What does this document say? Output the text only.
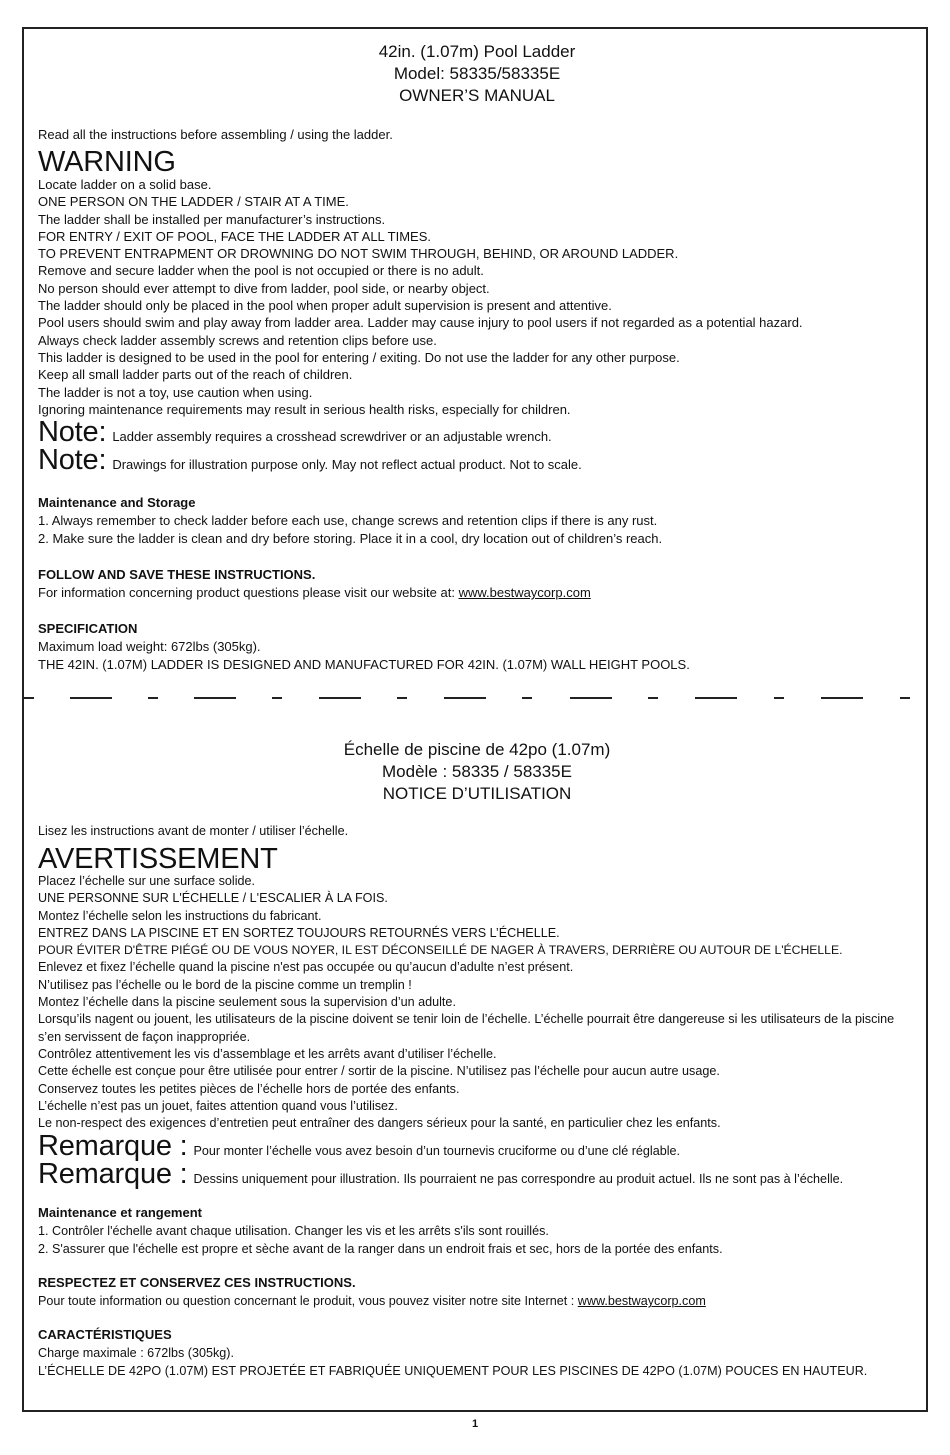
42in. (1.07m) Pool Ladder

Model: 58335/58335E

OWNER’S MANUAL

Read all the instructions before assembling / using the ladder.

WARNING
Locate ladder on a solid base.
ONE PERSON ON THE LADDER / STAIR AT A TIME.
The ladder shall be installed per manufacturer’s instructions.
FOR ENTRY / EXIT OF POOL, FACE THE LADDER AT ALL TIMES.
TO PREVENT ENTRAPMENT OR DROWNING DO NOT SWIM THROUGH, BEHIND, OR AROUND LADDER.
Remove and secure ladder when the pool is not occupied or there is no adult.
No person should ever attempt to dive from ladder, pool side, or nearby object.
The ladder should only be placed in the pool when proper adult supervision is present and attentive.
Pool users should swim and play away from ladder area. Ladder may cause injury to pool users if not regarded as a potential hazard.
Always check ladder assembly screws and retention clips before use.
This ladder is designed to be used in the pool for entering / exiting. Do not use the ladder for any other purpose.
Keep all small ladder parts out of the reach of children.
The ladder is not a toy, use caution when using.
Ignoring maintenance requirements may result in serious health risks, especially for children.
Note: Ladder assembly requires a crosshead screwdriver or an adjustable wrench.
Note: Drawings for illustration purpose only. May not reflect actual product. Not to scale.

Maintenance and Storage

1. Always remember to check ladder before each use, change screws and retention clips if there is any rust.

2. Make sure the ladder is clean and dry before storing. Place it in a cool, dry location out of children’s reach.

FOLLOW AND SAVE THESE INSTRUCTIONS.

For information concerning product questions please visit our website at: www.bestwaycorp.com

SPECIFICATION

Maximum load weight: 672lbs (305kg).

THE 42IN. (1.07M) LADDER IS DESIGNED AND MANUFACTURED FOR 42IN. (1.07M) WALL HEIGHT POOLS.

Échelle de piscine de 42po (1.07m)

Modèle : 58335 / 58335E

NOTICE D’UTILISATION

Lisez les instructions avant de monter / utiliser l’échelle.

AVERTISSEMENT
Placez l’échelle sur une surface solide.
UNE PERSONNE SUR L'ÉCHELLE / L'ESCALIER À LA FOIS.
Montez l’échelle selon les instructions du fabricant.
ENTREZ DANS LA PISCINE ET EN SORTEZ TOUJOURS RETOURNÉS VERS L’ÉCHELLE.
POUR ÉVITER D'ÊTRE PIÉGÉ OU DE VOUS NOYER, IL EST DÉCONSEILLÉ DE NAGER À TRAVERS, DERRIÈRE OU AUTOUR DE L'ÉCHELLE.
Enlevez et fixez l’échelle quand la piscine n'est pas occupée ou qu’aucun d’adulte n’est présent.
N’utilisez pas l’échelle ou le bord de la piscine comme un tremplin !
Montez l’échelle dans la piscine seulement sous la supervision d’un adulte.
Lorsqu’ils nagent ou jouent, les utilisateurs de la piscine doivent se tenir loin de l’échelle. L’échelle pourrait être dangereuse si les utilisateurs de la piscine s’en servissent de façon inappropriée.
Contrôlez attentivement les vis d’assemblage et les arrêts avant d’utiliser l’échelle.
Cette échelle est conçue pour être utilisée pour entrer / sortir de la piscine. N’utilisez pas l’échelle pour aucun autre usage.
Conservez toutes les petites pièces de l’échelle hors de portée des enfants.
L’échelle n’est pas un jouet, faites attention quand vous l’utilisez.
Le non-respect des exigences d’entretien peut entraîner des dangers sérieux pour la santé, en particulier chez les enfants.
Remarque : Pour monter l’échelle vous avez besoin d’un tournevis cruciforme ou d’une clé réglable.
Remarque : Dessins uniquement pour illustration. Ils pourraient ne pas correspondre au produit actuel. Ils ne sont pas à l’échelle.

Maintenance et rangement

1. Contrôler l'échelle avant chaque utilisation. Changer les vis et les arrêts s'ils sont rouillés.

2. S'assurer que l'échelle est propre et sèche avant de la ranger dans un endroit frais et sec, hors de la portée des enfants.

RESPECTEZ ET CONSERVEZ CES INSTRUCTIONS.

Pour toute information ou question concernant le produit, vous pouvez visiter notre site Internet : www.bestwaycorp.com

CARACTÉRISTIQUES

Charge maximale : 672lbs (305kg).

L’ÉCHELLE DE 42PO (1.07M) EST PROJETÉE ET FABRIQUÉE UNIQUEMENT POUR LES PISCINES DE 42PO (1.07M) POUCES EN HAUTEUR.

1
